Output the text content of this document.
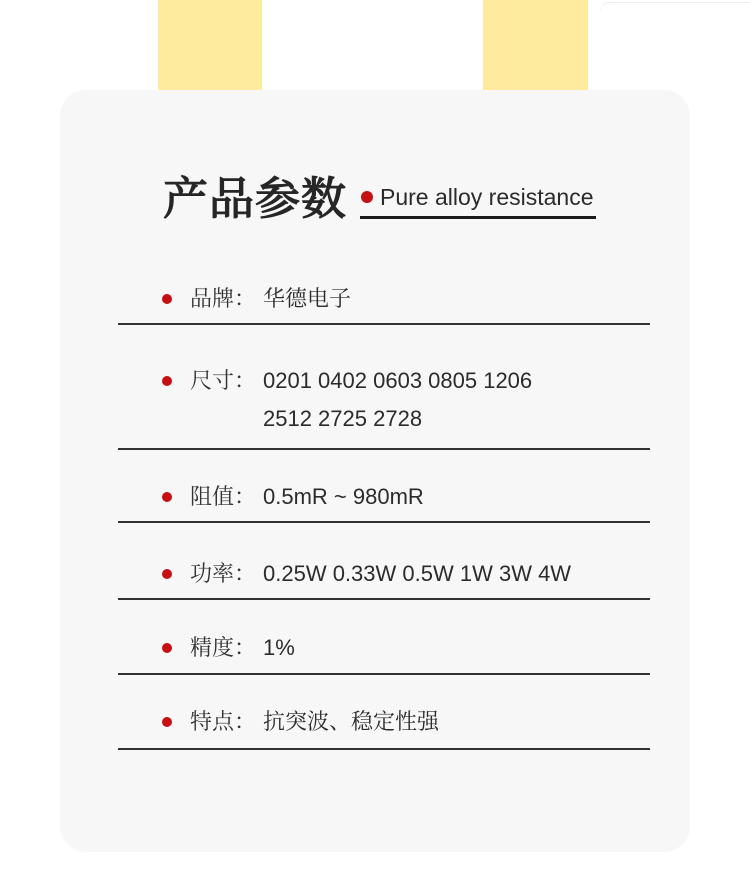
产品参数 Pure alloy resistance
品牌： 华德电子
尺寸： 0201 0402 0603 0805 1206
2512 2725 2728
阻值： 0.5mR ~ 980mR
功率： 0.25W 0.33W 0.5W 1W 3W 4W
精度： 1%
特点： 抗突波、稳定性强
